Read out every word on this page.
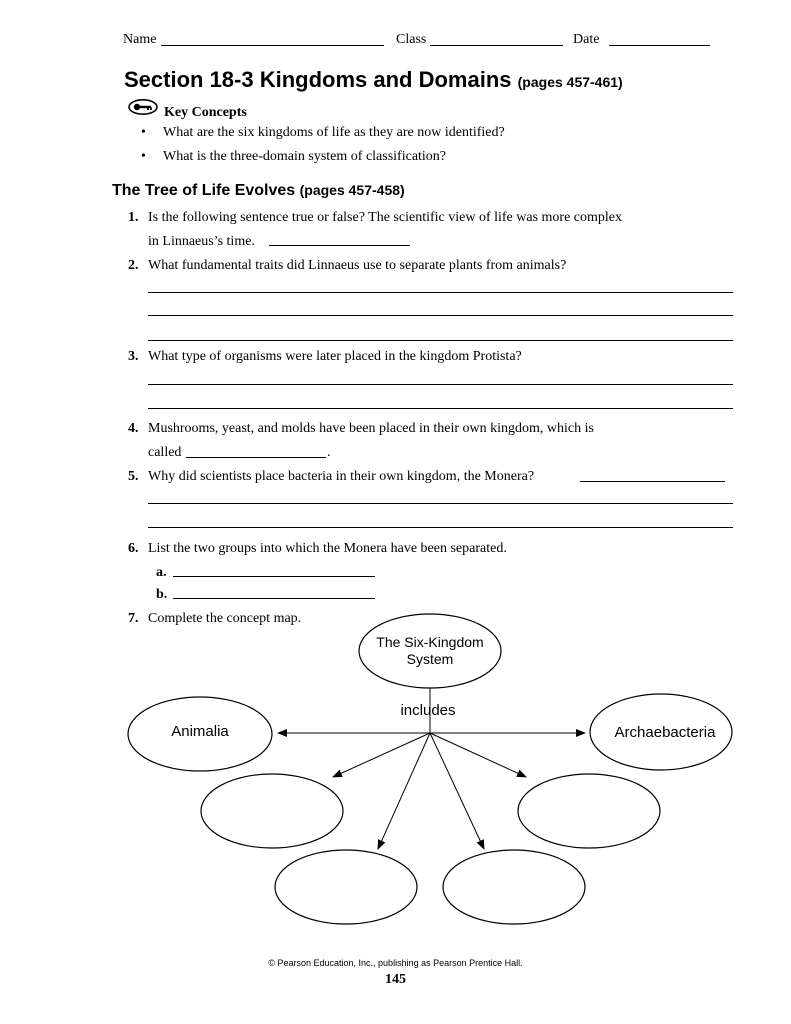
Name	Class	Date
Section 18-3 Kingdoms and Domains (pages 457-461)
Key Concepts
• What are the six kingdoms of life as they are now identified?
• What is the three-domain system of classification?
The Tree of Life Evolves (pages 457-458)
1. Is the following sentence true or false? The scientific view of life was more complex
in Linnaeus’s time.
2. What fundamental traits did Linnaeus use to separate plants from animals?
3. What type of organisms were later placed in the kingdom Protista?
4. Mushrooms, yeast, and molds have been placed in their own kingdom, which is
called	.
5. Why did scientists place bacteria in their own kingdom, the Monera?
6. List the two groups into which the Monera have been separated.
a.
b.
7. Complete the concept map.
The Six-Kingdom
System
includes
Animalia	Archaebacteria
© Pearson Education, Inc., publishing as Pearson Prentice Hall.
145
